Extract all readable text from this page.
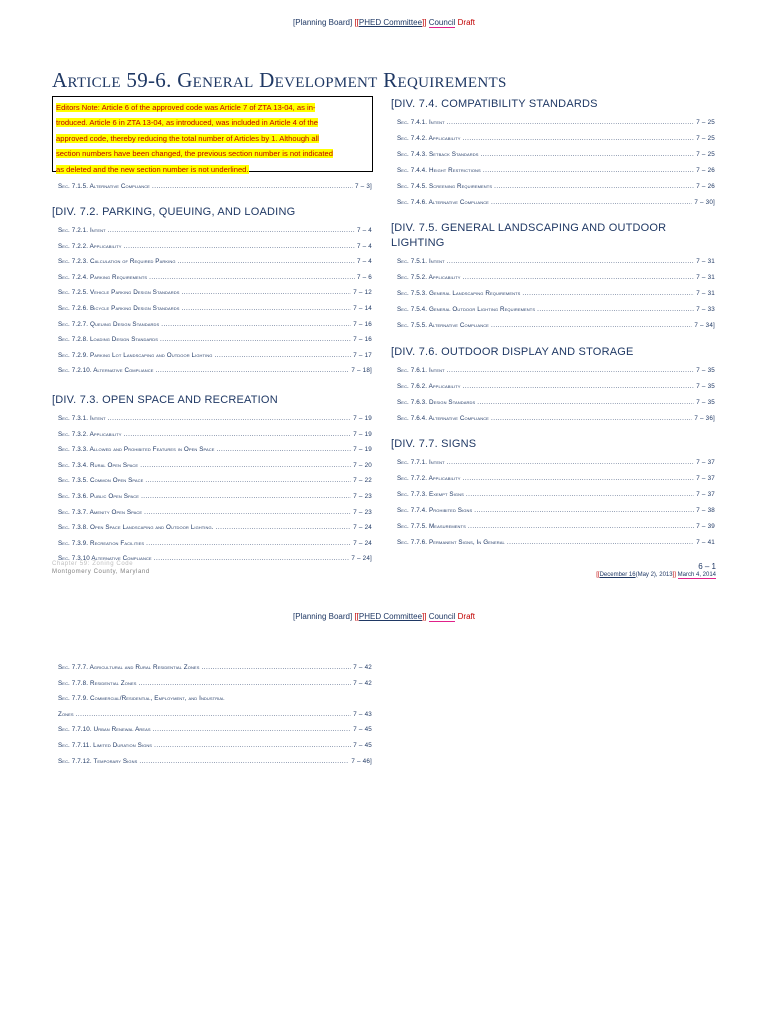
[Planning Board] [[PHED Committee]] Council Draft
Article 59-6. General Development Requirements

Editors Note: Article 6 of the approved code was Article 7 of ZTA 13-04, as in-
troduced. Article 6 in ZTA 13-04, as introduced, was included in Article 4 of the
approved code, thereby reducing the total number of Articles by 1. Although all
section numbers have been changed, the previous section number is not indicated
as deleted and the new section number is not underlined.

Sec. 7.1.5. Alternative Compliance .....	7 – 3]
[DIV. 7.2. PARKING, QUEUING, AND LOADING
Sec. 7.2.1. Intent .....	7 – 4
Sec. 7.2.2. Applicability .....	7 – 4
Sec. 7.2.3. Calculation of Required Parking .....	7 – 4
Sec. 7.2.4. Parking Requirements .....	7 – 6
Sec. 7.2.5. Vehicle Parking Design Standards .....	7 – 12
Sec. 7.2.6. Bicycle Parking Design Standards .....	7 – 14
Sec. 7.2.7. Queuing Design Standards .....	7 – 16
Sec. 7.2.8. Loading Design Standards .....	7 – 16
Sec. 7.2.9. Parking Lot Landscaping and Outdoor Lighting .....	7 – 17
Sec. 7.2.10. Alternative Compliance .....	7 – 18]
[DIV. 7.3. OPEN SPACE AND RECREATION
Sec. 7.3.1. Intent .....	7 – 19
Sec. 7.3.2. Applicability .....	7 – 19
Sec. 7.3.3. Allowed and Prohibited Features in Open Space .....	7 – 19
Sec. 7.3.4. Rural Open Space .....	7 – 20
Sec. 7.3.5. Common Open Space .....	7 – 22
Sec. 7.3.6. Public Open Space .....	7 – 23
Sec. 7.3.7. Amenity Open Space .....	7 – 23
Sec. 7.3.8. Open Space Landscaping and Outdoor Lighting. .....	7 – 24
Sec. 7.3.9. Recreation Facilities .....	7 – 24
Sec. 7.3.10 Alternative Compliance .....	7 – 24]
[DIV. 7.4. COMPATIBILITY STANDARDS
Sec. 7.4.1. Intent .....	7 – 25
Sec. 7.4.2. Applicability .....	7 – 25
Sec. 7.4.3. Setback Standards .....	7 – 25
Sec. 7.4.4. Height Restrictions .....	7 – 26
Sec. 7.4.5. Screening Requirements .....	7 – 26
Sec. 7.4.6. Alternative Compliance .....	7 – 30]
[DIV. 7.5. GENERAL LANDSCAPING AND OUTDOOR
LIGHTING
Sec. 7.5.1. Intent .....	7 – 31
Sec. 7.5.2. Applicability .....	7 – 31
Sec. 7.5.3. General Landscaping Requirements .....	7 – 31
Sec. 7.5.4. General Outdoor Lighting Requirements .....	7 – 33
Sec. 7.5.5. Alternative Compliance .....	7 – 34]
[DIV. 7.6. OUTDOOR DISPLAY AND STORAGE
Sec. 7.6.1. Intent .....	7 – 35
Sec. 7.6.2. Applicability .....	7 – 35
Sec. 7.6.3. Design Standards .....	7 – 35
Sec. 7.6.4. Alternative Compliance .....	7 – 36]
[DIV. 7.7. SIGNS
Sec. 7.7.1. Intent .....	7 – 37
Sec. 7.7.2. Applicability .....	7 – 37
Sec. 7.7.3. Exempt Signs .....	7 – 37
Sec. 7.7.4. Prohibited Signs .....	7 – 38
Sec. 7.7.5. Measurements .....	7 – 39
Sec. 7.7.6. Permanent Signs, In General .....	7 – 41
Chapter 59: Zoning Code
Montgomery County, Maryland
6 – 1
[[December 16(May 2), 2013]] March 4, 2014
[Planning Board] [[PHED Committee]] Council Draft
Sec. 7.7.7. Agricultural and Rural Residential Zones .....	7 – 42
Sec. 7.7.8. Residential Zones .....	7 – 42
Sec. 7.7.9. Commercial/Residential, Employment, and Industrial
Zones .....	7 – 43
Sec. 7.7.10. Urban Renewal Areas .....	7 – 45
Sec. 7.7.11. Limited Duration Signs .....	7 – 45
Sec. 7.7.12. Temporary Signs .....	7 – 46]
